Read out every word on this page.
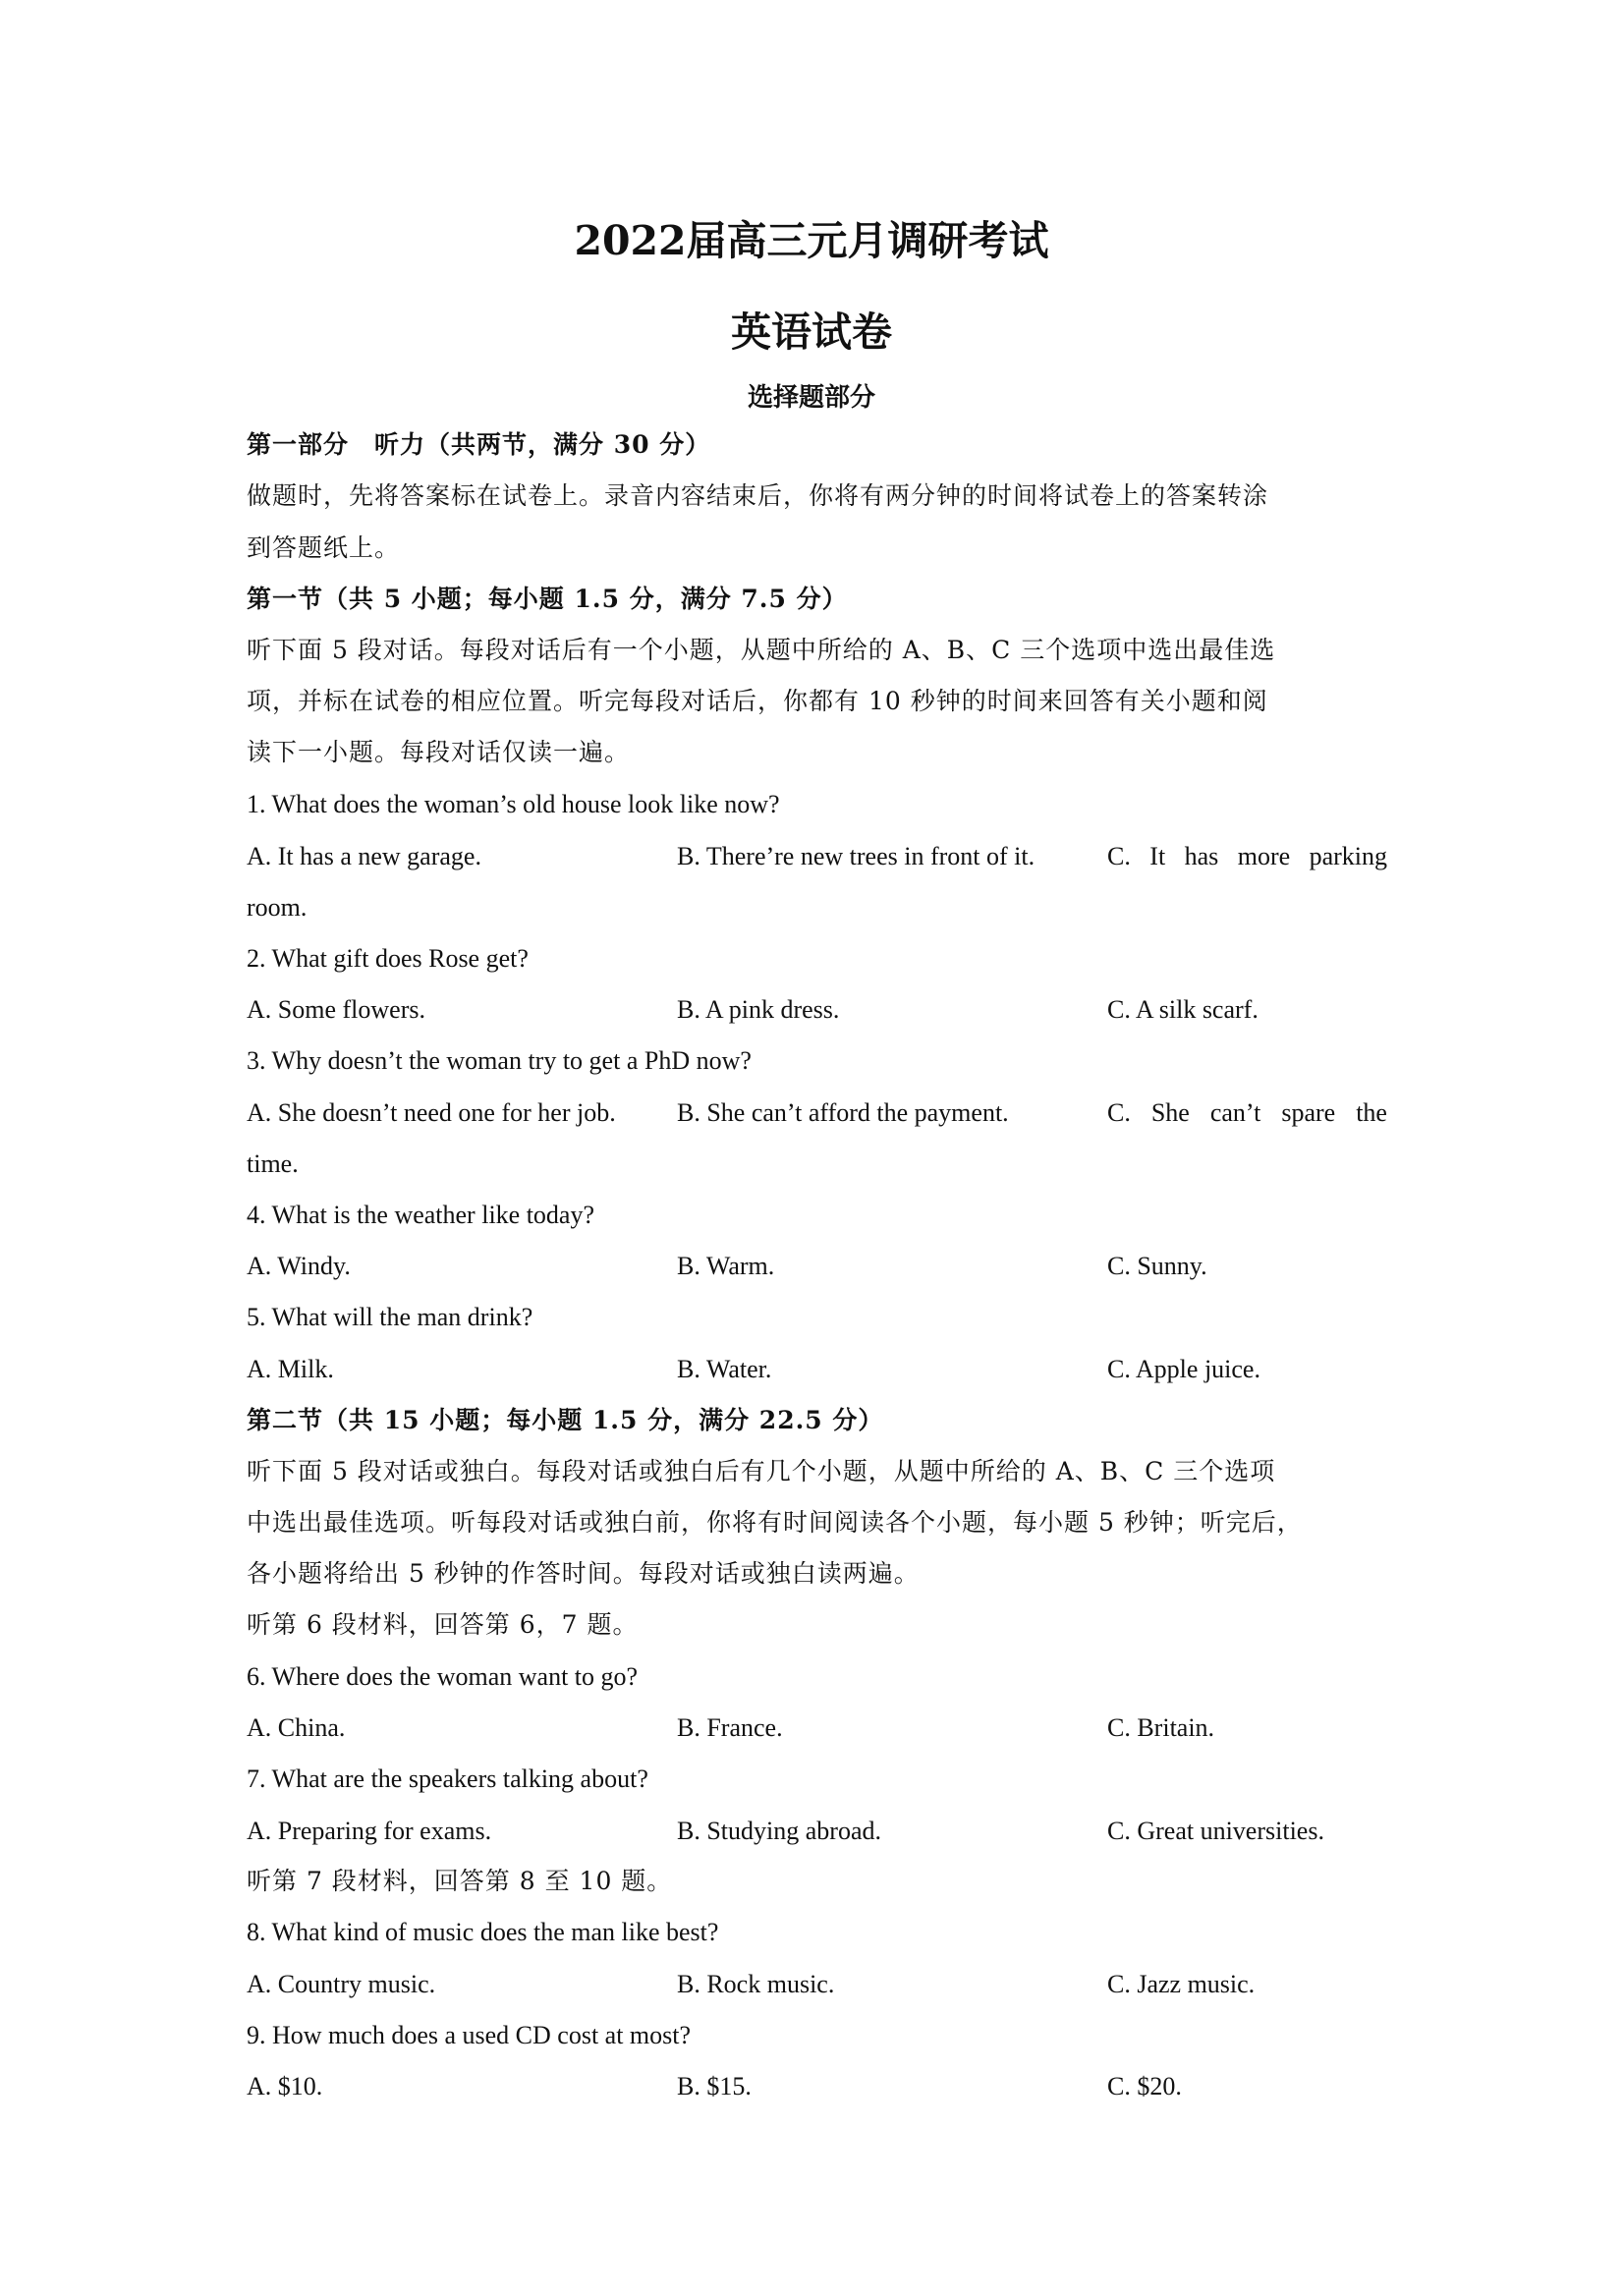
2022届高三元月调研考试
英语试卷
选择题部分
第一部分　听力（共两节，满分 30 分）
做题时，先将答案标在试卷上。录音内容结束后，你将有两分钟的时间将试卷上的答案转涂
到答题纸上。
第一节（共 5 小题；每小题 1.5 分，满分 7.5 分）
听下面 5 段对话。每段对话后有一个小题，从题中所给的 A、B、C 三个选项中选出最佳选
项，并标在试卷的相应位置。听完每段对话后，你都有 10 秒钟的时间来回答有关小题和阅
读下一小题。每段对话仅读一遍。
1. What does the woman’s old house look like now?
A. It has a new garage.	B. There’re new trees in front of it.	C. It has more parking
room.
2. What gift does Rose get?
A. Some flowers.	B. A pink dress.	C. A silk scarf.
3. Why doesn’t the woman try to get a PhD now?
A. She doesn’t need one for her job. B. She can’t afford the payment.	C. She can’t spare the
time.
4. What is the weather like today?
A. Windy.	B. Warm.	C. Sunny.
5. What will the man drink?
A. Milk.	B. Water.	C. Apple juice.
第二节（共 15 小题；每小题 1.5 分，满分 22.5 分）
听下面 5 段对话或独白。每段对话或独白后有几个小题，从题中所给的 A、B、C 三个选项
中选出最佳选项。听每段对话或独白前，你将有时间阅读各个小题，每小题 5 秒钟；听完后，
各小题将给出 5 秒钟的作答时间。每段对话或独白读两遍。
听第 6 段材料，回答第 6，7 题。
6. Where does the woman want to go?
A. China.	B. France.	C. Britain.
7. What are the speakers talking about?
A. Preparing for exams.	B. Studying abroad.	C. Great universities.
听第 7 段材料，回答第 8 至 10 题。
8. What kind of music does the man like best?
A. Country music.	B. Rock music.	C. Jazz music.
9. How much does a used CD cost at most?
A. $10.	B. $15.	C. $20.
